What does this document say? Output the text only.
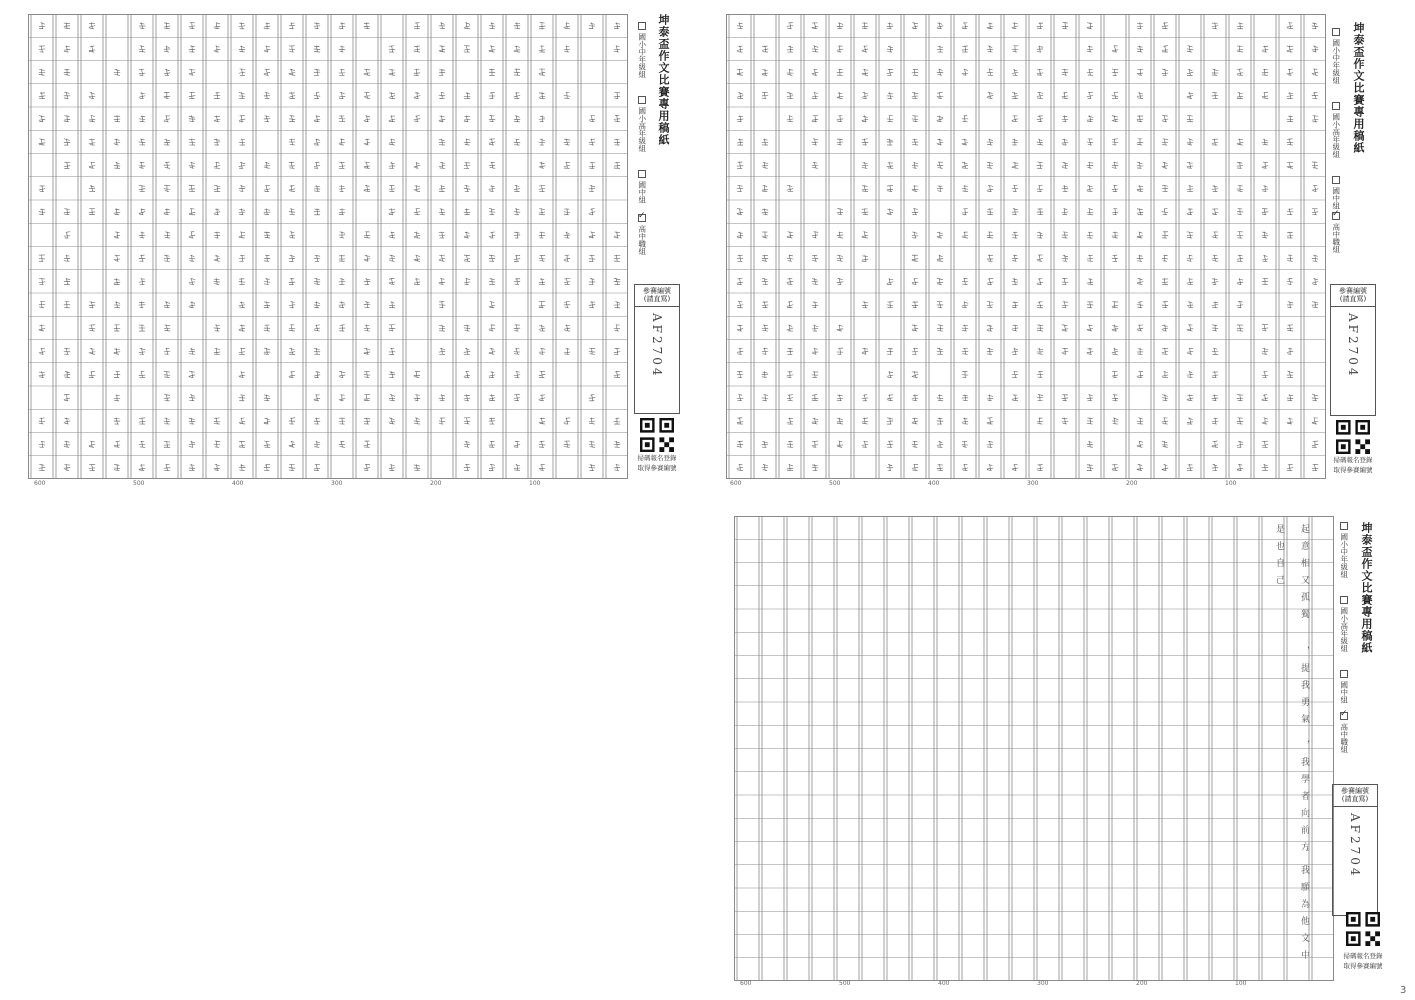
坤泰盃作文比賽專用稿紙
國小中年級組
國小高年級組
國中組
✓
高中職組
參賽編號
(請直寫)
AF2704
掃碼報名登錄
取得參賽編號
600	500	400	300	200	100
坤泰盃作文比賽專用稿紙
國小中年級組
國小高年級組
國中組
✓
高中職組
參賽編號
(請直寫)
AF2704
掃碼報名登錄
取得參賽編號
600	500	400	300	200	100
起意相又孤獨
是也自己
，提我勇氣
，我學者向前方
。我願為他文中
坤泰盃作文比賽專用稿紙
國小中年級組
國小高年級組
國中組
✓
高中職組
參賽編號
(請直寫)
AF2704
掃碼報名登錄
取得參賽編號
600	500	400	300	200	100
3
